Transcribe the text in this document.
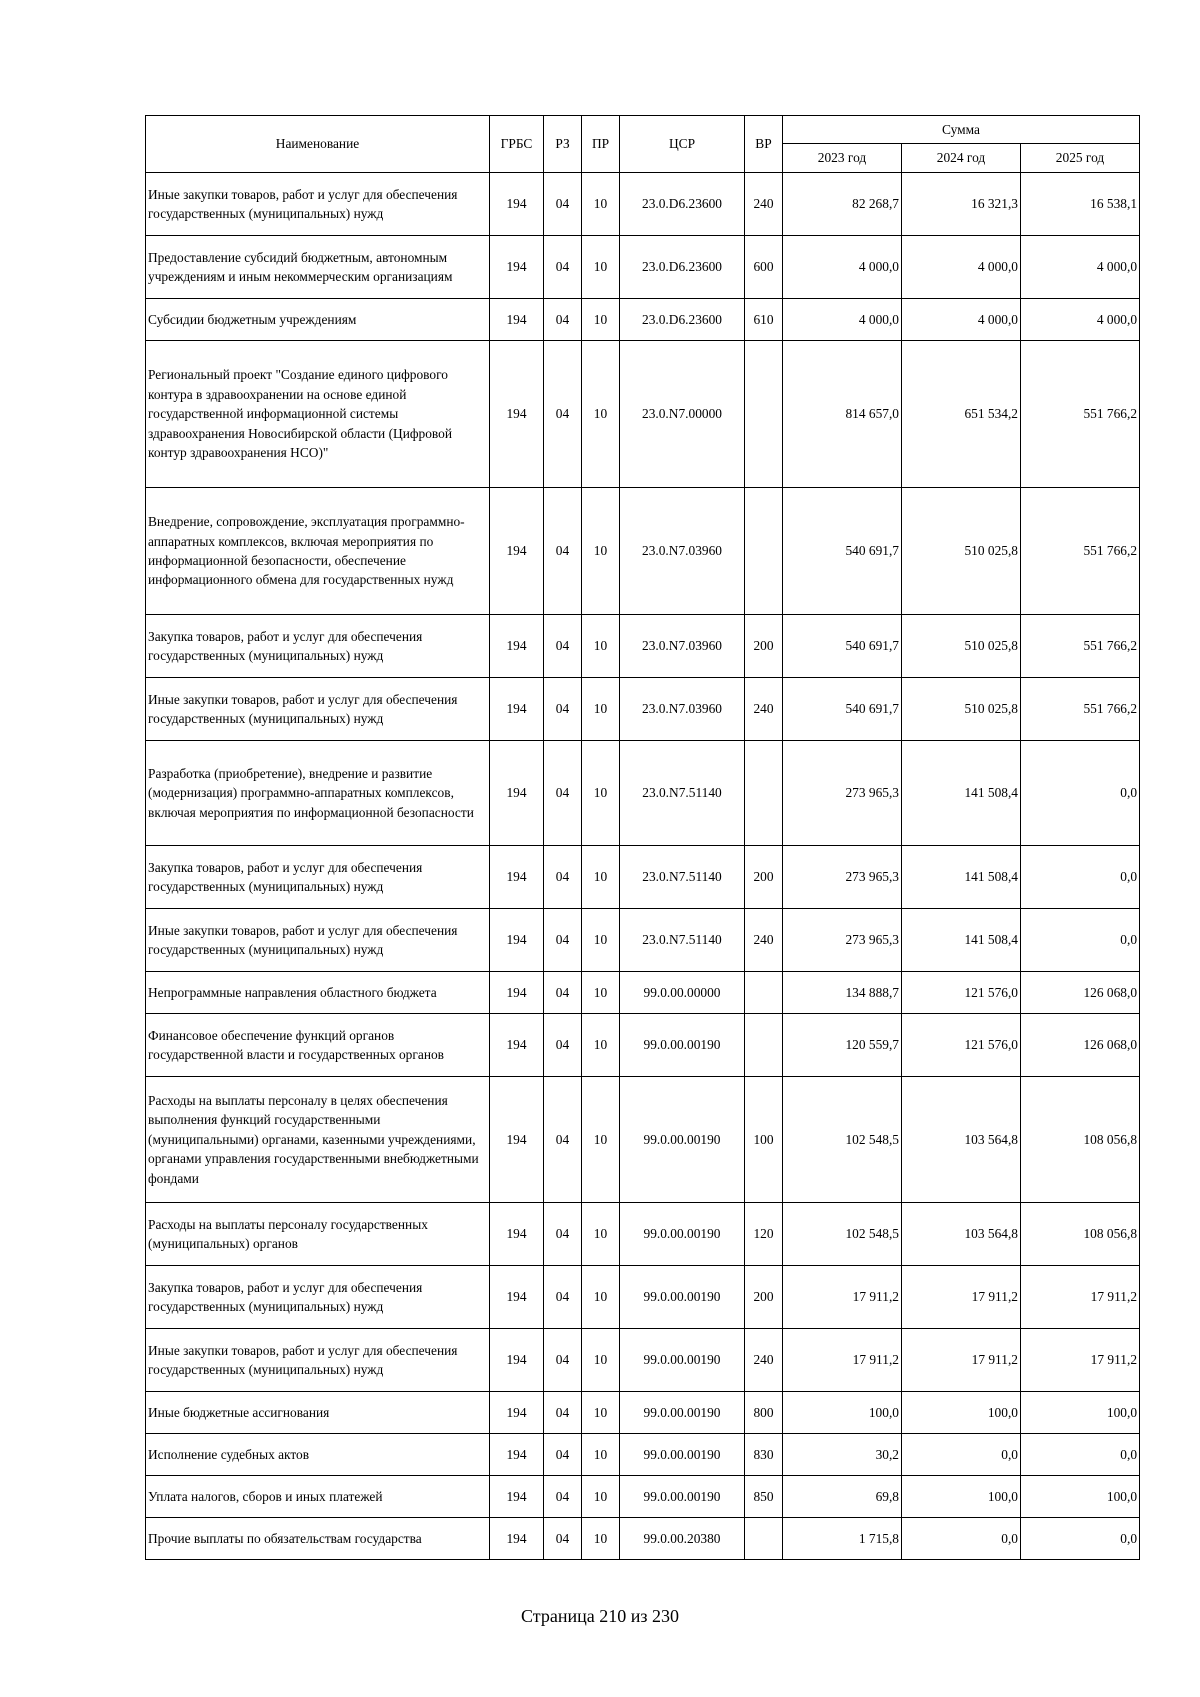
Наименование	ГРБС	РЗ	ПР	ЦСР	ВР	Сумма		
						2023 год	2024 год	2025 год
Иные закупки товаров, работ и услуг для обеспечения государственных (муниципальных) нужд	194	04	10	23.0.D6.23600	240	82 268,7	16 321,3	16 538,1
Предоставление субсидий бюджетным, автономным учреждениям и иным некоммерческим организациям	194	04	10	23.0.D6.23600	600	4 000,0	4 000,0	4 000,0
Субсидии бюджетным учреждениям	194	04	10	23.0.D6.23600	610	4 000,0	4 000,0	4 000,0
Региональный проект "Создание единого цифрового контура в здравоохранении на основе единой государственной информационной системы здравоохранения Новосибирской области (Цифровой контур здравоохранения НСО)"	194	04	10	23.0.N7.00000		814 657,0	651 534,2	551 766,2
Внедрение, сопровождение, эксплуатация программно-аппаратных комплексов, включая мероприятия по информационной безопасности, обеспечение информационного обмена для государственных нужд	194	04	10	23.0.N7.03960		540 691,7	510 025,8	551 766,2
Закупка товаров, работ и услуг для обеспечения государственных (муниципальных) нужд	194	04	10	23.0.N7.03960	200	540 691,7	510 025,8	551 766,2
Иные закупки товаров, работ и услуг для обеспечения государственных (муниципальных) нужд	194	04	10	23.0.N7.03960	240	540 691,7	510 025,8	551 766,2
Разработка (приобретение), внедрение и развитие (модернизация) программно-аппаратных комплексов, включая мероприятия по информационной безопасности	194	04	10	23.0.N7.51140		273 965,3	141 508,4	0,0
Закупка товаров, работ и услуг для обеспечения государственных (муниципальных) нужд	194	04	10	23.0.N7.51140	200	273 965,3	141 508,4	0,0
Иные закупки товаров, работ и услуг для обеспечения государственных (муниципальных) нужд	194	04	10	23.0.N7.51140	240	273 965,3	141 508,4	0,0
Непрограммные направления областного бюджета	194	04	10	99.0.00.00000		134 888,7	121 576,0	126 068,0
Финансовое обеспечение функций органов государственной власти и государственных органов	194	04	10	99.0.00.00190		120 559,7	121 576,0	126 068,0
Расходы на выплаты персоналу в целях обеспечения выполнения функций государственными (муниципальными) органами, казенными учреждениями, органами управления государственными внебюджетными фондами	194	04	10	99.0.00.00190	100	102 548,5	103 564,8	108 056,8
Расходы на выплаты персоналу государственных (муниципальных) органов	194	04	10	99.0.00.00190	120	102 548,5	103 564,8	108 056,8
Закупка товаров, работ и услуг для обеспечения государственных (муниципальных) нужд	194	04	10	99.0.00.00190	200	17 911,2	17 911,2	17 911,2
Иные закупки товаров, работ и услуг для обеспечения государственных (муниципальных) нужд	194	04	10	99.0.00.00190	240	17 911,2	17 911,2	17 911,2
Иные бюджетные ассигнования	194	04	10	99.0.00.00190	800	100,0	100,0	100,0
Исполнение судебных актов	194	04	10	99.0.00.00190	830	30,2	0,0	0,0
Уплата налогов, сборов и иных платежей	194	04	10	99.0.00.00190	850	69,8	100,0	100,0
Прочие выплаты по обязательствам государства	194	04	10	99.0.00.20380		1 715,8	0,0	0,0
Страница 210 из 230
